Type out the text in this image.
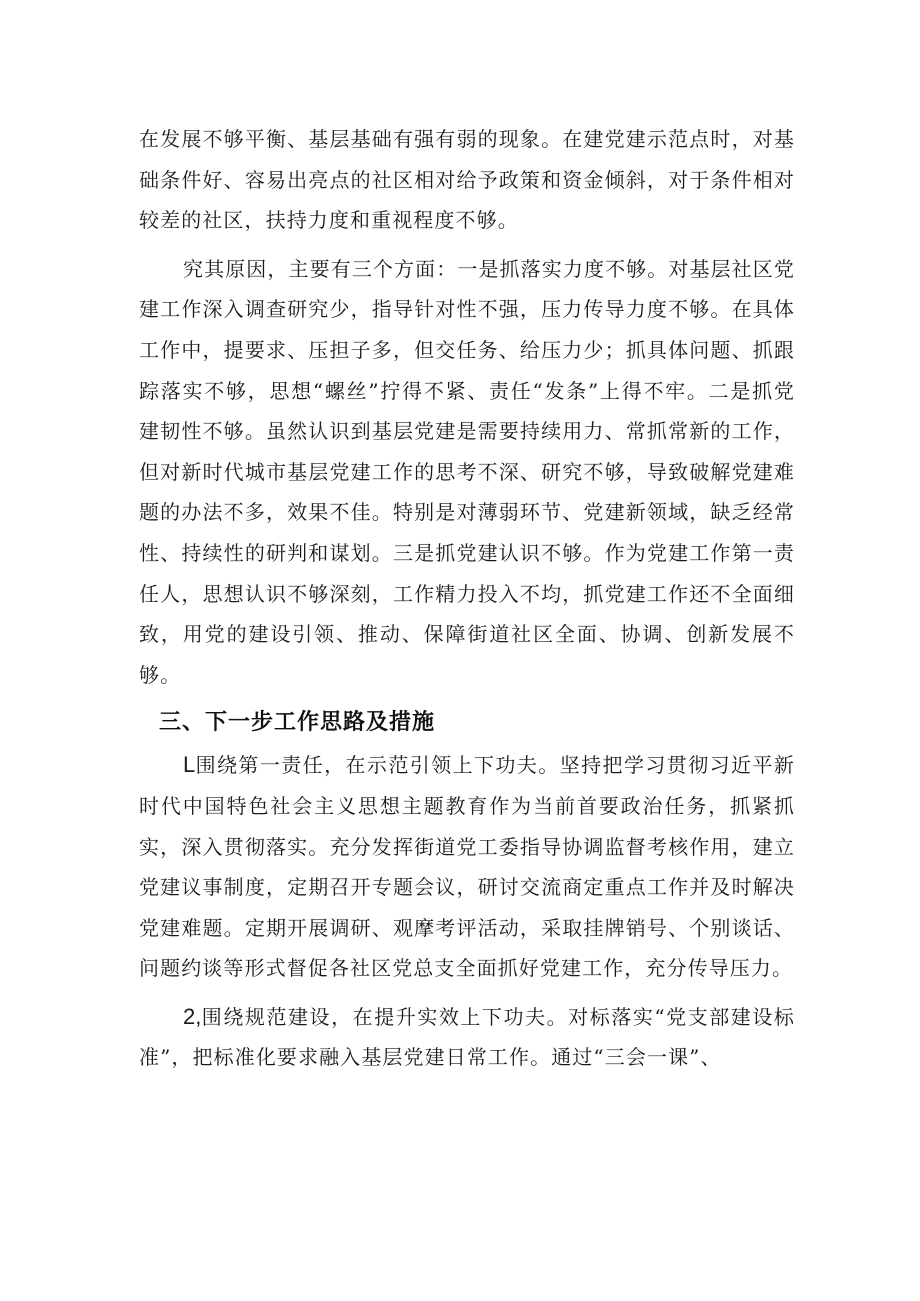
在发展不够平衡、基层基础有强有弱的现象。在建党建示范点时，对基础条件好、容易出亮点的社区相对给予政策和资金倾斜，对于条件相对较差的社区，扶持力度和重视程度不够。

究其原因，主要有三个方面：一是抓落实力度不够。对基层社区党建工作深入调查研究少，指导针对性不强，压力传导力度不够。在具体工作中，提要求、压担子多，但交任务、给压力少；抓具体问题、抓跟踪落实不够，思想“螺丝”拧得不紧、责任“发条”上得不牢。二是抓党建韧性不够。虽然认识到基层党建是需要持续用力、常抓常新的工作，但对新时代城市基层党建工作的思考不深、研究不够，导致破解党建难题的办法不多，效果不佳。特别是对薄弱环节、党建新领域，缺乏经常性、持续性的研判和谋划。三是抓党建认识不够。作为党建工作第一责任人，思想认识不够深刻，工作精力投入不均，抓党建工作还不全面细致，用党的建设引领、推动、保障街道社区全面、协调、创新发展不够。

三、下一步工作思路及措施

L围绕第一责任，在示范引领上下功夫。坚持把学习贯彻习近平新时代中国特色社会主义思想主题教育作为当前首要政治任务，抓紧抓实，深入贯彻落实。充分发挥街道党工委指导协调监督考核作用，建立党建议事制度，定期召开专题会议，研讨交流商定重点工作并及时解决党建难题。定期开展调研、观摩考评活动，采取挂牌销号、个别谈话、问题约谈等形式督促各社区党总支全面抓好党建工作，充分传导压力。

2,围绕规范建设，在提升实效上下功夫。对标落实“党支部建设标准”，把标准化要求融入基层党建日常工作。通过“三会一课”、
